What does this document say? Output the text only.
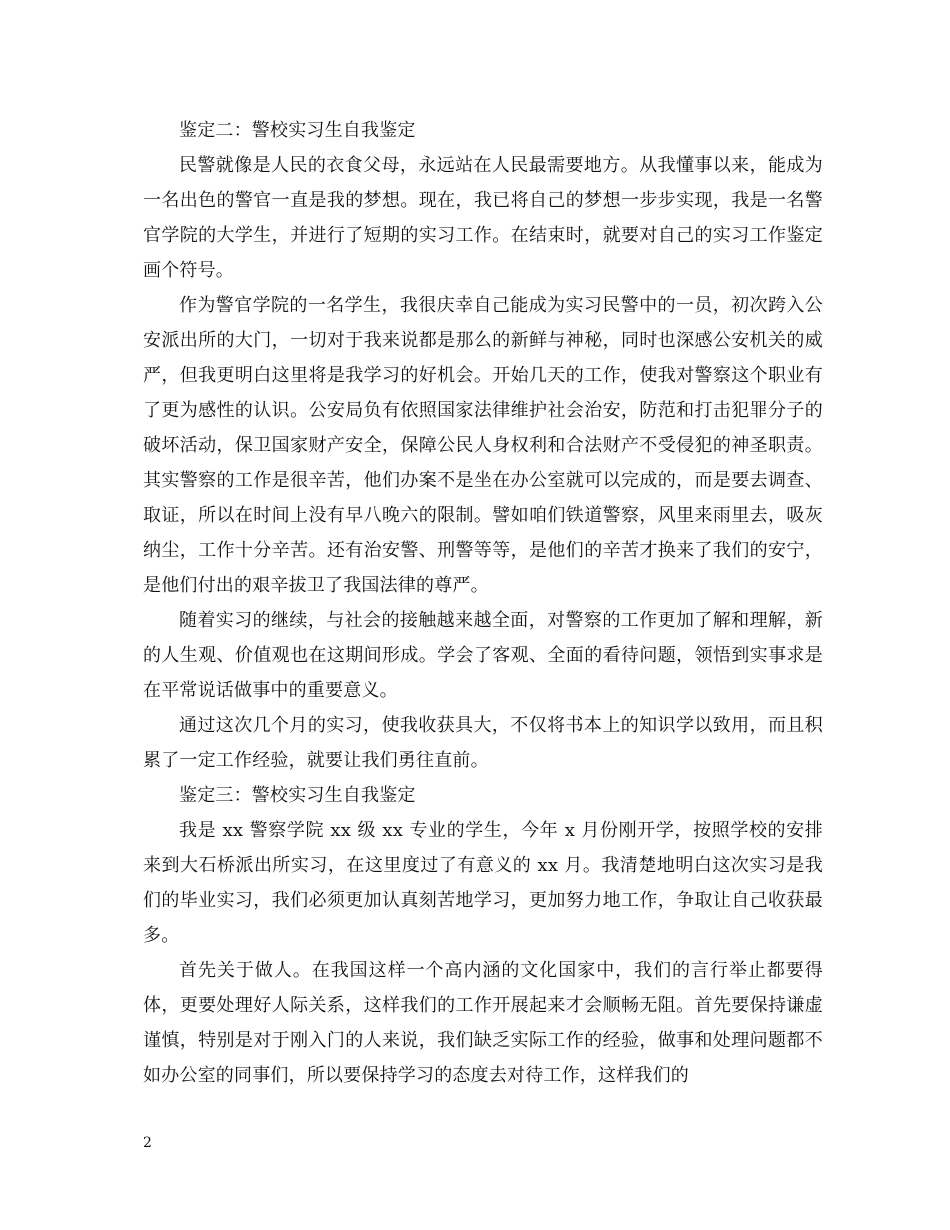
鉴定二：警校实习生自我鉴定

民警就像是人民的衣食父母，永远站在人民最需要地方。从我懂事以来，能成为一名出色的警官一直是我的梦想。现在，我已将自己的梦想一步步实现，我是一名警官学院的大学生，并进行了短期的实习工作。在结束时，就要对自己的实习工作鉴定画个符号。

作为警官学院的一名学生，我很庆幸自己能成为实习民警中的一员，初次跨入公安派出所的大门，一切对于我来说都是那么的新鲜与神秘，同时也深感公安机关的威严，但我更明白这里将是我学习的好机会。开始几天的工作，使我对警察这个职业有了更为感性的认识。公安局负有依照国家法律维护社会治安，防范和打击犯罪分子的破坏活动，保卫国家财产安全，保障公民人身权利和合法财产不受侵犯的神圣职责。其实警察的工作是很辛苦，他们办案不是坐在办公室就可以完成的，而是要去调查、取证，所以在时间上没有早八晚六的限制。譬如咱们铁道警察，风里来雨里去，吸灰纳尘，工作十分辛苦。还有治安警、刑警等等，是他们的辛苦才换来了我们的安宁，是他们付出的艰辛拔卫了我国法律的尊严。

随着实习的继续，与社会的接触越来越全面，对警察的工作更加了解和理解，新的人生观、价值观也在这期间形成。学会了客观、全面的看待问题，领悟到实事求是在平常说话做事中的重要意义。

通过这次几个月的实习，使我收获具大，不仅将书本上的知识学以致用，而且积累了一定工作经验，就要让我们勇往直前。

鉴定三：警校实习生自我鉴定

我是 xx 警察学院 xx 级 xx 专业的学生，今年 x 月份刚开学，按照学校的安排来到大石桥派出所实习，在这里度过了有意义的 xx 月。我清楚地明白这次实习是我们的毕业实习，我们必须更加认真刻苦地学习，更加努力地工作，争取让自己收获最多。

首先关于做人。在我国这样一个高内涵的文化国家中，我们的言行举止都要得体，更要处理好人际关系，这样我们的工作开展起来才会顺畅无阻。首先要保持谦虚谨慎，特别是对于刚入门的人来说，我们缺乏实际工作的经验，做事和处理问题都不如办公室的同事们，所以要保持学习的态度去对待工作，这样我们的

2
